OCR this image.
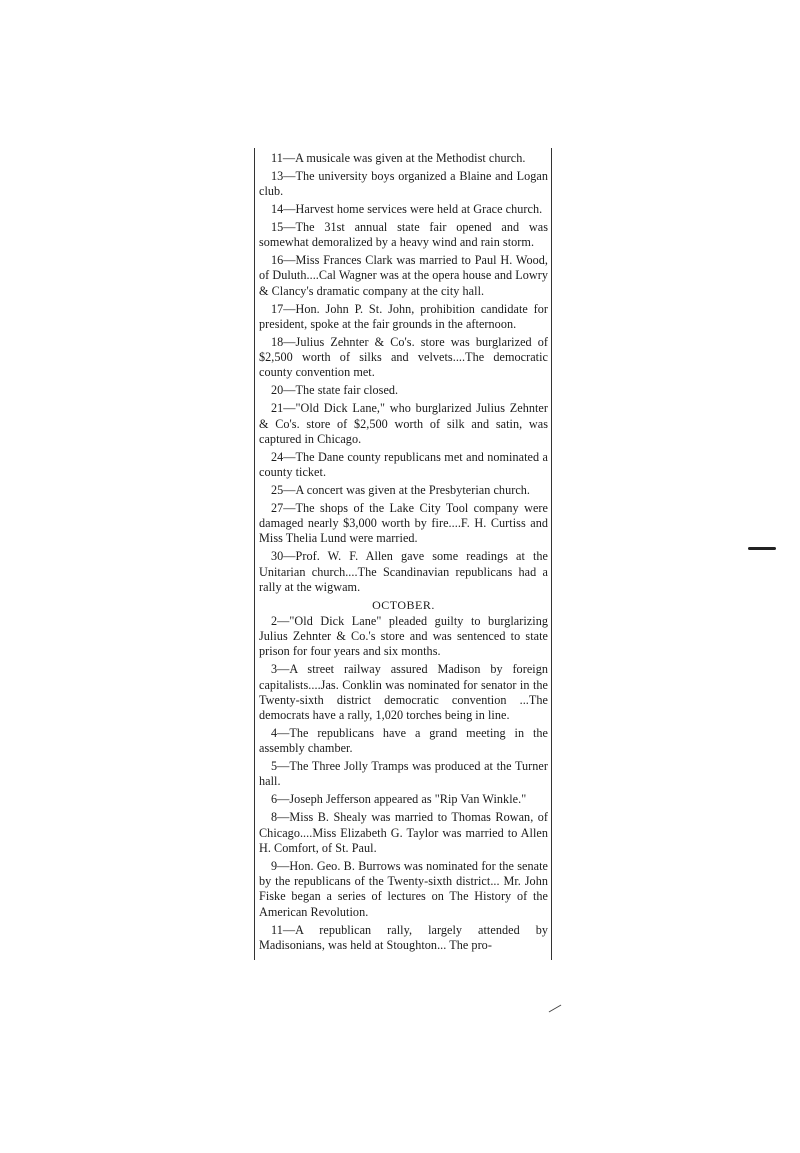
11—A musicale was given at the Methodist church.

13—The university boys organized a Blaine and Logan club.

14—Harvest home services were held at Grace church.

15—The 31st annual state fair opened and was somewhat demoralized by a heavy wind and rain storm.

16—Miss Frances Clark was married to Paul H. Wood, of Duluth....Cal Wagner was at the opera house and Lowry & Clancy's dramatic company at the city hall.

17—Hon. John P. St. John, prohibition candidate for president, spoke at the fair grounds in the afternoon.

18—Julius Zehnter & Co's. store was burglarized of $2,500 worth of silks and velvets....The democratic county convention met.

20—The state fair closed.

21—"Old Dick Lane," who burglarized Julius Zehnter & Co's. store of $2,500 worth of silk and satin, was captured in Chicago.

24—The Dane county republicans met and nominated a county ticket.

25—A concert was given at the Presbyterian church.

27—The shops of the Lake City Tool company were damaged nearly $3,000 worth by fire....F. H. Curtiss and Miss Thelia Lund were married.

30—Prof. W. F. Allen gave some readings at the Unitarian church....The Scandinavian republicans had a rally at the wigwam.

OCTOBER.

2—"Old Dick Lane" pleaded guilty to burglarizing Julius Zehnter & Co.'s store and was sentenced to state prison for four years and six months.

3—A street railway assured Madison by foreign capitalists....Jas. Conklin was nominated for senator in the Twenty-sixth district democratic convention ...The democrats have a rally, 1,020 torches being in line.

4—The republicans have a grand meeting in the assembly chamber.

5—The Three Jolly Tramps was produced at the Turner hall.

6—Joseph Jefferson appeared as "Rip Van Winkle."

8—Miss B. Shealy was married to Thomas Rowan, of Chicago....Miss Elizabeth G. Taylor was married to Allen H. Comfort, of St. Paul.

9—Hon. Geo. B. Burrows was nominated for the senate by the republicans of the Twenty-sixth district... Mr. John Fiske began a series of lectures on The History of the American Revolution.

11—A republican rally, largely attended by Madisonians, was held at Stoughton... The pro-
